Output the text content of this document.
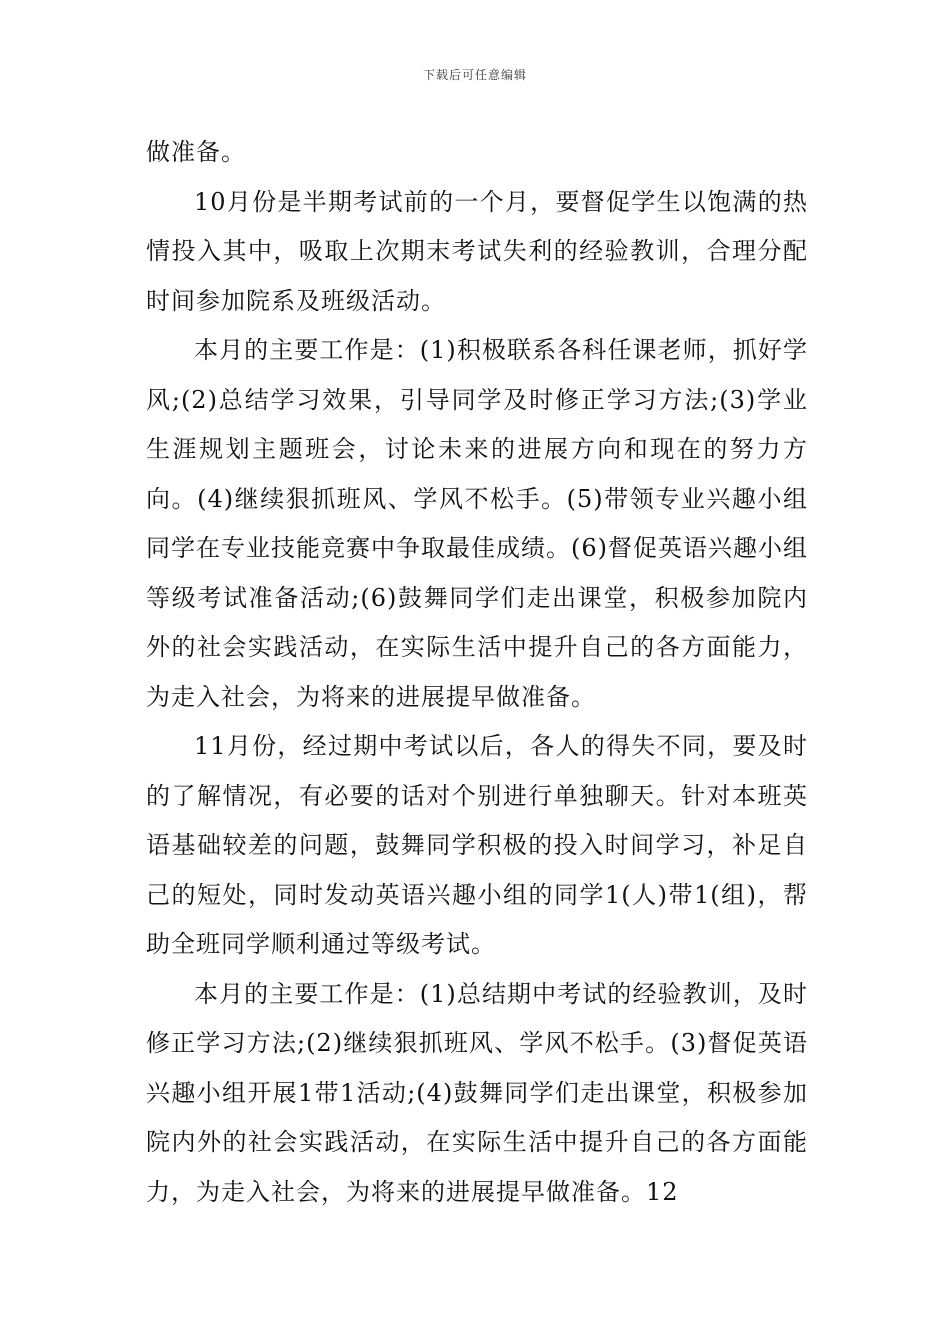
下载后可任意编辑

做准备。

10月份是半期考试前的一个月，要督促学生以饱满的热情投入其中，吸取上次期末考试失利的经验教训，合理分配时间参加院系及班级活动。

本月的主要工作是：(1)积极联系各科任课老师，抓好学风;(2)总结学习效果，引导同学及时修正学习方法;(3)学业生涯规划主题班会，讨论未来的进展方向和现在的努力方向。(4)继续狠抓班风、学风不松手。(5)带领专业兴趣小组同学在专业技能竞赛中争取最佳成绩。(6)督促英语兴趣小组等级考试准备活动;(6)鼓舞同学们走出课堂，积极参加院内外的社会实践活动，在实际生活中提升自己的各方面能力，为走入社会，为将来的进展提早做准备。

11月份，经过期中考试以后，各人的得失不同，要及时的了解情况，有必要的话对个别进行单独聊天。针对本班英语基础较差的问题，鼓舞同学积极的投入时间学习，补足自己的短处，同时发动英语兴趣小组的同学1(人)带1(组)，帮助全班同学顺利通过等级考试。

本月的主要工作是：(1)总结期中考试的经验教训，及时修正学习方法;(2)继续狠抓班风、学风不松手。(3)督促英语兴趣小组开展1带1活动;(4)鼓舞同学们走出课堂，积极参加院内外的社会实践活动，在实际生活中提升自己的各方面能力，为走入社会，为将来的进展提早做准备。12
